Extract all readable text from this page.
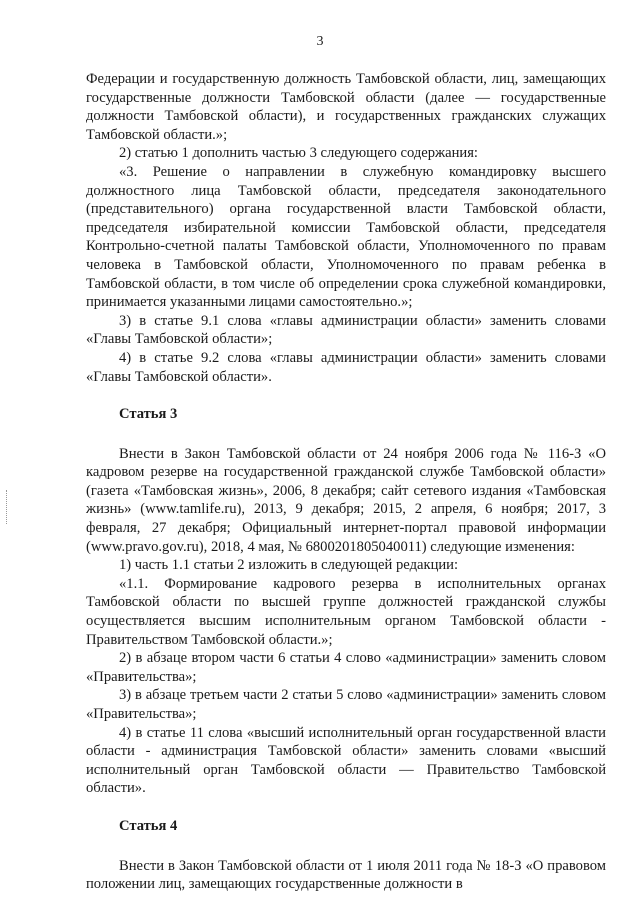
3

Федерации и государственную должность Тамбовской области, лиц, замещающих государственные должности Тамбовской области (далее — государственные должности Тамбовской области), и государственных гражданских служащих Тамбовской области.»;

2) статью 1 дополнить частью 3 следующего содержания:

«3. Решение о направлении в служебную командировку высшего должностного лица Тамбовской области, председателя законодательного (представительного) органа государственной власти Тамбовской области, председателя избирательной комиссии Тамбовской области, председателя Контрольно-счетной палаты Тамбовской области, Уполномоченного по правам человека в Тамбовской области, Уполномоченного по правам ребенка в Тамбовской области, в том числе об определении срока служебной командировки, принимается указанными лицами самостоятельно.»;

3) в статье 9.1 слова «главы администрации области» заменить словами «Главы Тамбовской области»;

4) в статье 9.2 слова «главы администрации области» заменить словами «Главы Тамбовской области».

Статья 3

Внести в Закон Тамбовской области от 24 ноября 2006 года № 116-З «О кадровом резерве на государственной гражданской службе Тамбовской области» (газета «Тамбовская жизнь», 2006, 8 декабря; сайт сетевого издания «Тамбовская жизнь» (www.tamlife.ru), 2013, 9 декабря; 2015, 2 апреля, 6 ноября; 2017, 3 февраля, 27 декабря; Официальный интернет-портал правовой информации (www.pravo.gov.ru), 2018, 4 мая, № 6800201805040011) следующие изменения:

1) часть 1.1 статьи 2 изложить в следующей редакции:

«1.1. Формирование кадрового резерва в исполнительных органах Тамбовской области по высшей группе должностей гражданской службы осуществляется высшим исполнительным органом Тамбовской области - Правительством Тамбовской области.»;

2) в абзаце втором части 6 статьи 4 слово «администрации» заменить словом «Правительства»;

3) в абзаце третьем части 2 статьи 5 слово «администрации» заменить словом «Правительства»;

4) в статье 11 слова «высший исполнительный орган государственной власти области - администрация Тамбовской области» заменить словами «высший исполнительный орган Тамбовской области — Правительство Тамбовской области».

Статья 4

Внести в Закон Тамбовской области от 1 июля 2011 года № 18-З «О правовом положении лиц, замещающих государственные должности в
